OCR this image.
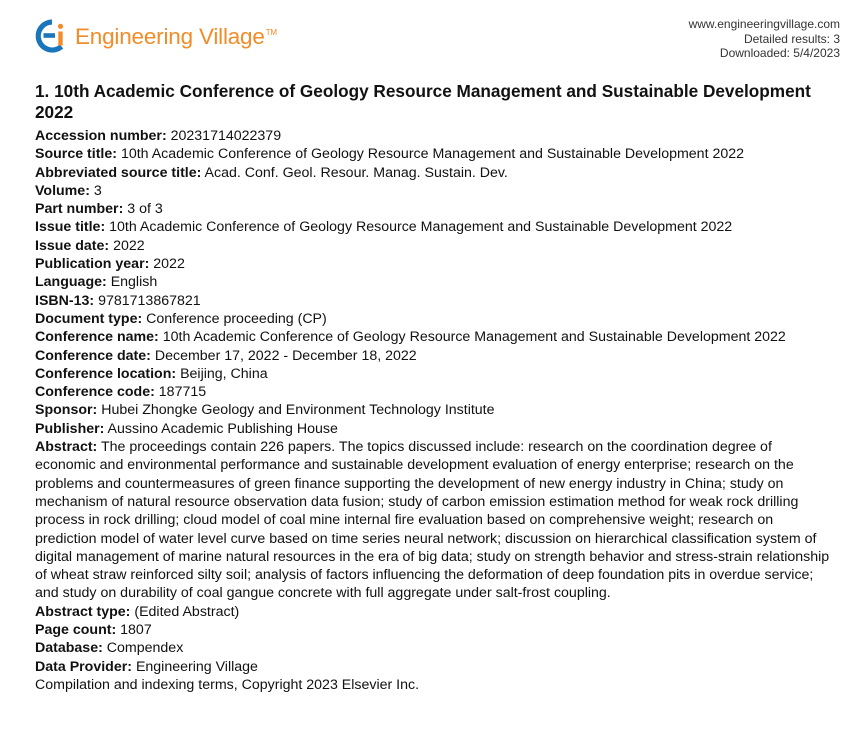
Engineering Village™
www.engineeringvillage.com
Detailed results: 3
Downloaded: 5/4/2023
1. 10th Academic Conference of Geology Resource Management and Sustainable Development 2022
Accession number: 20231714022379
Source title: 10th Academic Conference of Geology Resource Management and Sustainable Development 2022
Abbreviated source title: Acad. Conf. Geol. Resour. Manag. Sustain. Dev.
Volume: 3
Part number: 3 of 3
Issue title: 10th Academic Conference of Geology Resource Management and Sustainable Development 2022
Issue date: 2022
Publication year: 2022
Language: English
ISBN-13: 9781713867821
Document type: Conference proceeding (CP)
Conference name: 10th Academic Conference of Geology Resource Management and Sustainable Development 2022
Conference date: December 17, 2022 - December 18, 2022
Conference location: Beijing, China
Conference code: 187715
Sponsor: Hubei Zhongke Geology and Environment Technology Institute
Publisher: Aussino Academic Publishing House
Abstract: The proceedings contain 226 papers. The topics discussed include: research on the coordination degree of economic and environmental performance and sustainable development evaluation of energy enterprise; research on the problems and countermeasures of green finance supporting the development of new energy industry in China; study on mechanism of natural resource observation data fusion; study of carbon emission estimation method for weak rock drilling process in rock drilling; cloud model of coal mine internal fire evaluation based on comprehensive weight; research on prediction model of water level curve based on time series neural network; discussion on hierarchical classification system of digital management of marine natural resources in the era of big data; study on strength behavior and stress-strain relationship of wheat straw reinforced silty soil; analysis of factors influencing the deformation of deep foundation pits in overdue service; and study on durability of coal gangue concrete with full aggregate under salt-frost coupling.
Abstract type: (Edited Abstract)
Page count: 1807
Database: Compendex
Data Provider: Engineering Village
Compilation and indexing terms, Copyright 2023 Elsevier Inc.
